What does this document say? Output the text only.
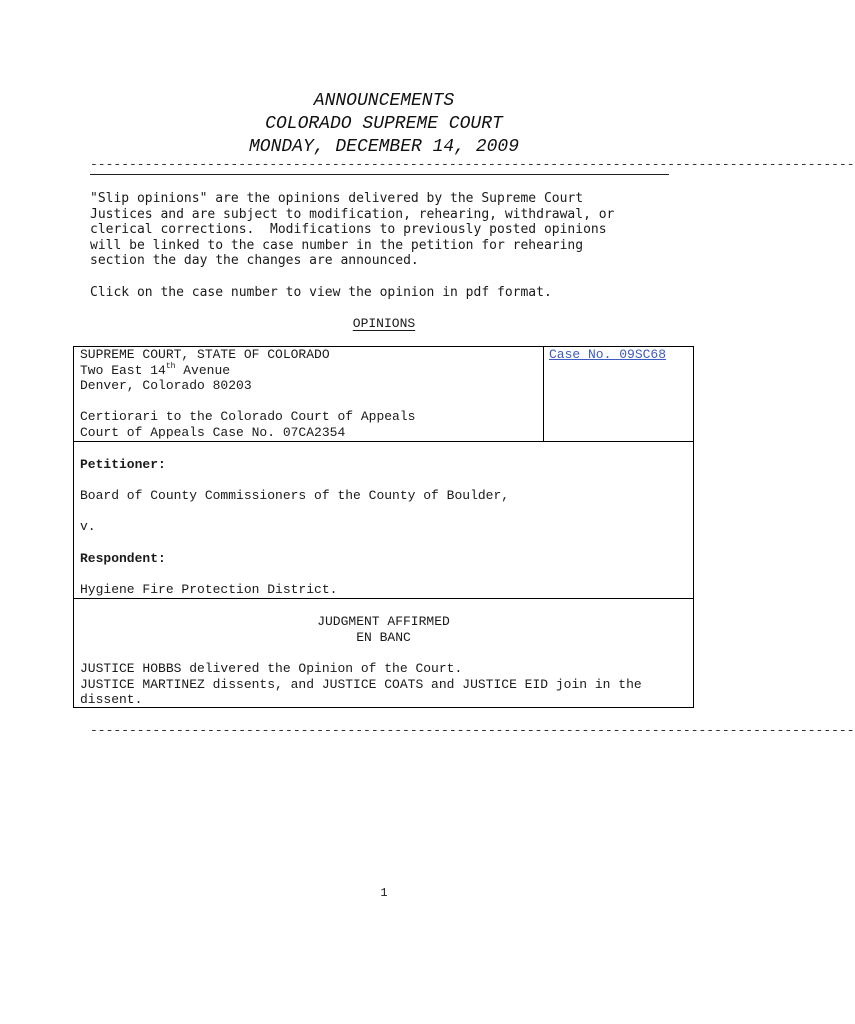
ANNOUNCEMENTS
COLORADO SUPREME COURT
MONDAY, DECEMBER 14, 2009
--------------------------------------------------------------------------------------------------
"Slip opinions" are the opinions delivered by the Supreme Court
Justices and are subject to modification, rehearing, withdrawal, or
clerical corrections.  Modifications to previously posted opinions
will be linked to the case number in the petition for rehearing
section the day the changes are announced.
Click on the case number to view the opinion in pdf format.
OPINIONS
SUPREME COURT, STATE OF COLORADO
Two East 14th Avenue
Denver, Colorado 80203

Certiorari to the Colorado Court of Appeals
Court of Appeals Case No. 07CA2354
Case No. 09SC68
Petitioner:

Board of County Commissioners of the County of Boulder,

v.

Respondent:

Hygiene Fire Protection District.
JUDGMENT AFFIRMED
EN BANC
JUSTICE HOBBS delivered the Opinion of the Court.
JUSTICE MARTINEZ dissents, and JUSTICE COATS and JUSTICE EID join in the
dissent.
--------------------------------------------------------------------------------------------------
1
